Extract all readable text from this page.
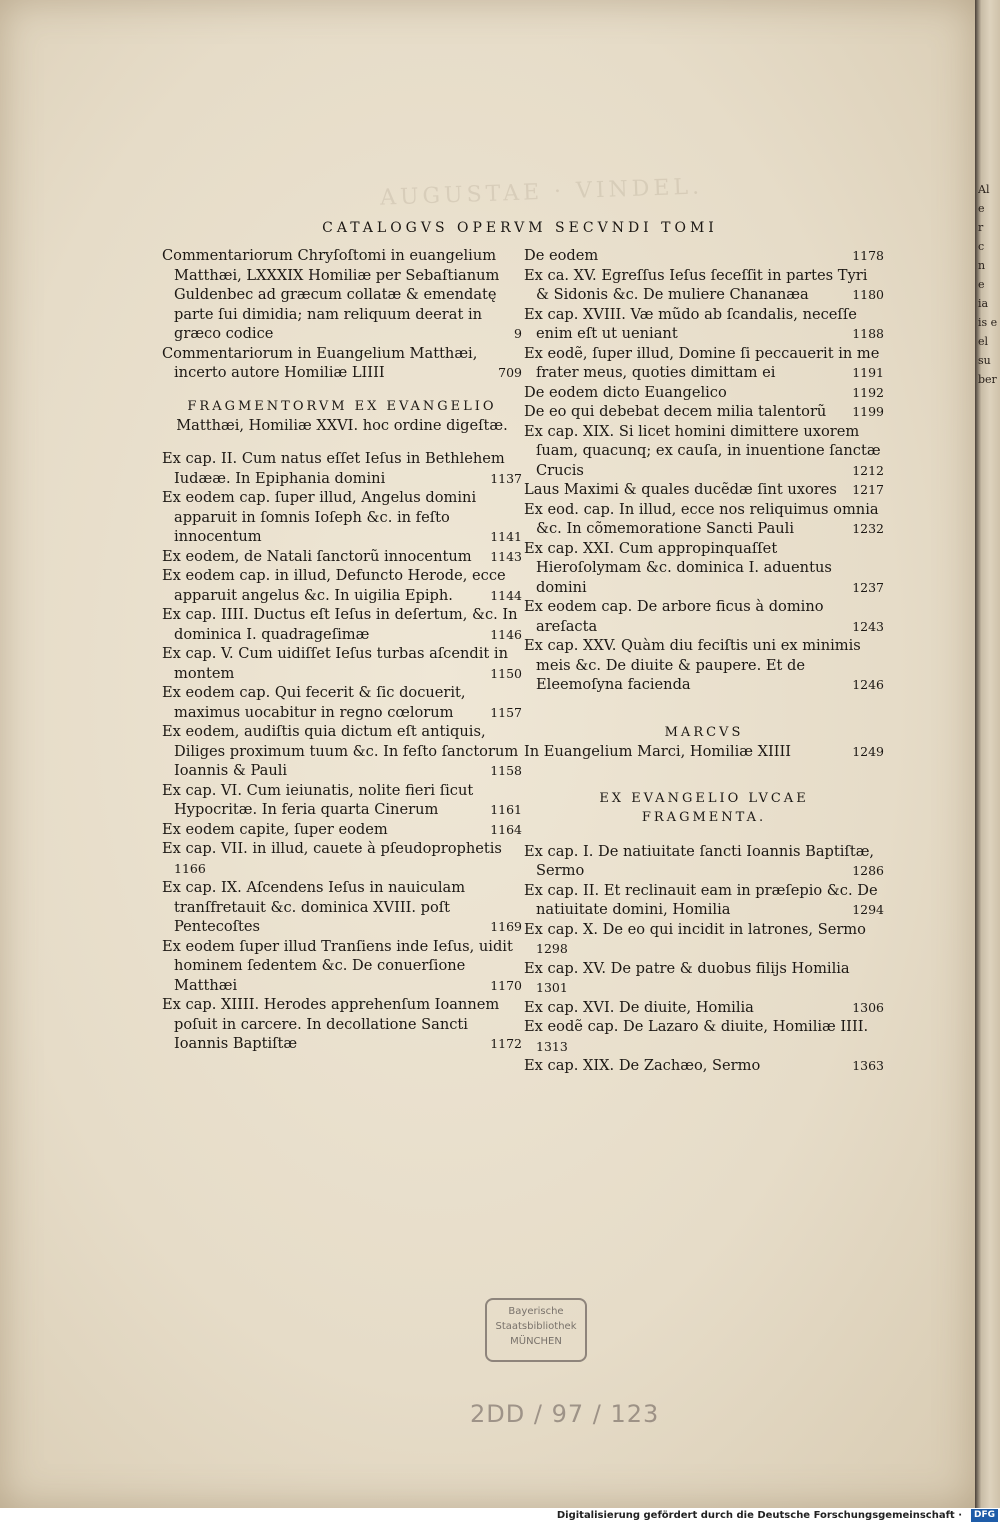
AUGUSTAE · VINDEL.
CATALOGVS OPERVM SECVNDI TOMI
Commentariorum Chryſoſtomi in euangelium Matthæi, LXXXIX Homiliæ per Sebaſtianum Guldenbec ad græcum collatæ & emendatę parte ſui dimidia; nam reliquum deerat in græco codice	9
Commentariorum in Euangelium Matthæi, incerto autore Homiliæ LIIII	709
FRAGMENTORVM EX EVANGELIO
Matthæi, Homiliæ XXVI. hoc ordine digeſtæ.
Ex cap. II. Cum natus eſſet Ieſus in Bethlehem Iudææ. In Epiphania domini	1137
Ex eodem cap. ſuper illud, Angelus domini apparuit in ſomnis Ioſeph &c. in feſto innocentum	1141
Ex eodem, de Natali ſanctorũ innocentum 1143
Ex eodem cap. in illud, Defuncto Herode, ecce apparuit angelus &c. In uigilia Epiph.	1144
Ex cap. IIII. Ductus eſt Ieſus in deſertum, &c. In dominica I. quadrageſimæ	1146
Ex cap. V. Cum uidiſſet Ieſus turbas aſcendit in montem	1150
Ex eodem cap. Qui fecerit & ſic docuerit, maximus uocabitur in regno cœlorum	1157
Ex eodem, audiſtis quia dictum eſt antiquis, Diliges proximum tuum &c. In feſto ſanctorum Ioannis & Pauli	1158
Ex cap. VI. Cum ieiunatis, nolite fieri ſicut Hypocritæ. In feria quarta Cinerum	1161
Ex eodem capite, ſuper eodem	1164
Ex cap. VII. in illud, cauete à pſeudoprophetis
1166
Ex cap. IX. Aſcendens Ieſus in nauiculam tranſfretauit &c. dominica XVIII. poſt Pentecoſtes	1169
Ex eodem ſuper illud Tranſiens inde Ieſus, uidit hominem ſedentem &c. De conuerſione Matthæi	1170
Ex cap. XIIII. Herodes apprehenſum Ioannem poſuit in carcere. In decollatione Sancti Ioannis Baptiſtæ	1172
De eodem	1178
Ex ca. XV. Egreſſus Ieſus ſeceſſit in partes Tyri & Sidonis &c. De muliere Chananæa	1180
Ex cap. XVIII. Væ mũdo ab ſcandalis, neceſſe enim eſt ut ueniant	1188
Ex eodẽ, ſuper illud, Domine ſi peccauerit in me frater meus, quoties dimittam ei	1191
De eodem dicto Euangelico	1192
De eo qui debebat decem milia talentorũ 1199
Ex cap. XIX. Si licet homini dimittere uxorem ſuam, quacunq; ex cauſa, in inuentione ſanctæ Crucis	1212
Laus Maximi & quales ducẽdæ ſint uxores 1217
Ex eod. cap. In illud, ecce nos reliquimus omnia &c. In cõmemoratione Sancti Pauli	1232
Ex cap. XXI. Cum appropinquaſſet Hieroſolymam &c. dominica I. aduentus domini	1237
Ex eodem cap. De arbore ficus à domino areſacta	1243
Ex cap. XXV. Quàm diu feciſtis uni ex minimis meis &c. De diuite & paupere. Et de Eleemoſyna facienda	1246
MARCVS
In Euangelium Marci, Homiliæ XIIII	1249
EX EVANGELIO LVCAE
FRAGMENTA.
Ex cap. I. De natiuitate ſancti Ioannis Baptiſtæ, Sermo	1286
Ex cap. II. Et reclinauit eam in præſepio &c. De natiuitate domini, Homilia	1294
Ex cap. X. De eo qui incidit in latrones, Sermo
1298
Ex cap. XV. De patre & duobus filijs Homilia
1301
Ex cap. XVI. De diuite, Homilia	1306
Ex eodẽ cap. De Lazaro & diuite, Homiliæ IIII.
1313
Ex cap. XIX. De Zachæo, Sermo	1363
Bayerische
Staatsbibliothek
MÜNCHEN
2DD / 97 / 123
Al
e
r
c
n
e
ia
is e
el
su
ber
Digitalisierung gefördert durch die Deutsche Forschungsgemeinschaft ·	DFG
